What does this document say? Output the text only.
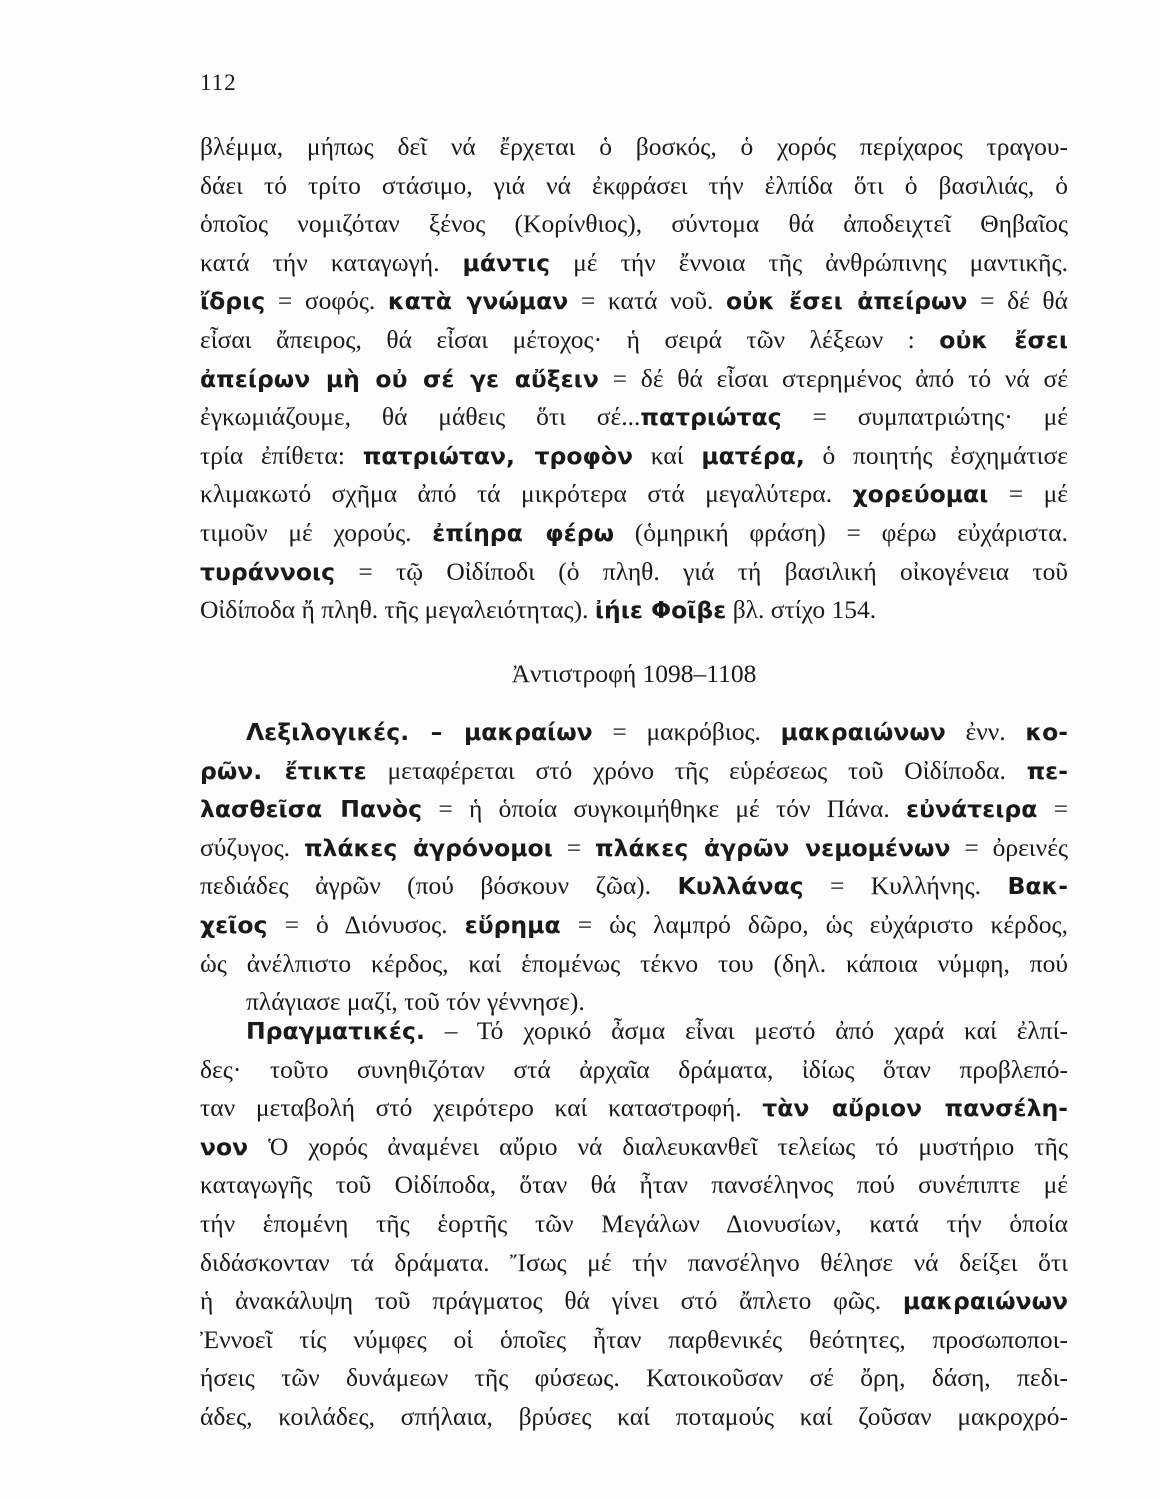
112
βλέμμα, μήπως δεῖ νά ἔρχεται ὁ βοσκός, ὁ χορός περίχαρος τραγου-
δάει τό τρίτο στάσιμο, γιά νά ἐκφράσει τήν ἐλπίδα ὅτι ὁ βασιλιάς, ὁ
ὁποῖος νομιζόταν ξένος (Κορίνθιος), σύντομα θά ἀποδειχτεῖ Θηβαῖος
κατά τήν καταγωγή. μάντις μέ τήν ἔννοια τῆς ἀνθρώπινης μαντικῆς.
ἴδρις = σοφός. κατὰ γνώμαν = κατά νοῦ. οὐκ ἔσει ἀπείρων = δέ θά
εἶσαι ἄπειρος, θά εἶσαι μέτοχος· ἡ σειρά τῶν λέξεων : οὐκ ἔσει
ἀπείρων μὴ οὐ σέ γε αὔξειν = δέ θά εἶσαι στερημένος ἀπό τό νά σέ
ἐγκωμιάζουμε, θά μάθεις ὅτι σέ...πατριώτας = συμπατριώτης· μέ
τρία ἐπίθετα: πατριώταν, τροφὸν καί ματέρα, ὁ ποιητής ἐσχημάτισε
κλιμακωτό σχῆμα ἀπό τά μικρότερα στά μεγαλύτερα. χορεύομαι = μέ
τιμοῦν μέ χορούς. ἐπίηρα φέρω (ὁμηρική φράση) = φέρω εὐχάριστα.
τυράννοις = τῷ Οἰδίποδι (ὁ πληθ. γιά τή βασιλική οἰκογένεια τοῦ
Οἰδίποδα ἤ πληθ. τῆς μεγαλειότητας). ἰήιε Φοῖβε βλ. στίχο 154.
Ἀντιστροφή 1098–1108
Λεξιλογικές. – μακραίων = μακρόβιος. μακραιώνων ἐνν. κο-
ρῶν. ἔτικτε μεταφέρεται στό χρόνο τῆς εὑρέσεως τοῦ Οἰδίποδα. πε-
λασθεῖσα Πανὸς = ἡ ὁποία συγκοιμήθηκε μέ τόν Πάνα. εὐνάτειρα =
σύζυγος. πλάκες ἀγρόνομοι = πλάκες ἀγρῶν νεμομένων = ὀρεινές
πεδιάδες ἀγρῶν (πού βόσκουν ζῶα). Κυλλάνας = Κυλλήνης. Βακ-
χεῖος = ὁ Διόνυσος. εὕρημα = ὡς λαμπρό δῶρο, ὡς εὐχάριστο κέρδος,
ὡς ἀνέλπιστο κέρδος, καί ἑπομένως τέκνο του (δηλ. κάποια νύμφη, πού
πλάγιασε μαζί, τοῦ τόν γέννησε).
Πραγματικές. – Τό χορικό ἆσμα εἶναι μεστό ἀπό χαρά καί ἐλπί-
δες· τοῦτο συνηθιζόταν στά ἀρχαῖα δράματα, ἰδίως ὅταν προβλεπό-
ταν μεταβολή στό χειρότερο καί καταστροφή. τὰν αὔριον πανσέλη-
νον Ὁ χορός ἀναμένει αὔριο νά διαλευκανθεῖ τελείως τό μυστήριο τῆς
καταγωγῆς τοῦ Οἰδίποδα, ὅταν θά ἦταν πανσέληνος πού συνέπιπτε μέ
τήν ἑπομένη τῆς ἑορτῆς τῶν Μεγάλων Διονυσίων, κατά τήν ὁποία
διδάσκονταν τά δράματα. Ἴσως μέ τήν πανσέληνο θέλησε νά δείξει ὅτι
ἡ ἀνακάλυψη τοῦ πράγματος θά γίνει στό ἄπλετο φῶς. μακραιώνων
Ἐννοεῖ τίς νύμφες οἱ ὁποῖες ἦταν παρθενικές θεότητες, προσωποποι-
ήσεις τῶν δυνάμεων τῆς φύσεως. Κατοικοῦσαν σέ ὄρη, δάση, πεδι-
άδες, κοιλάδες, σπήλαια, βρύσες καί ποταμούς καί ζοῦσαν μακροχρό-
